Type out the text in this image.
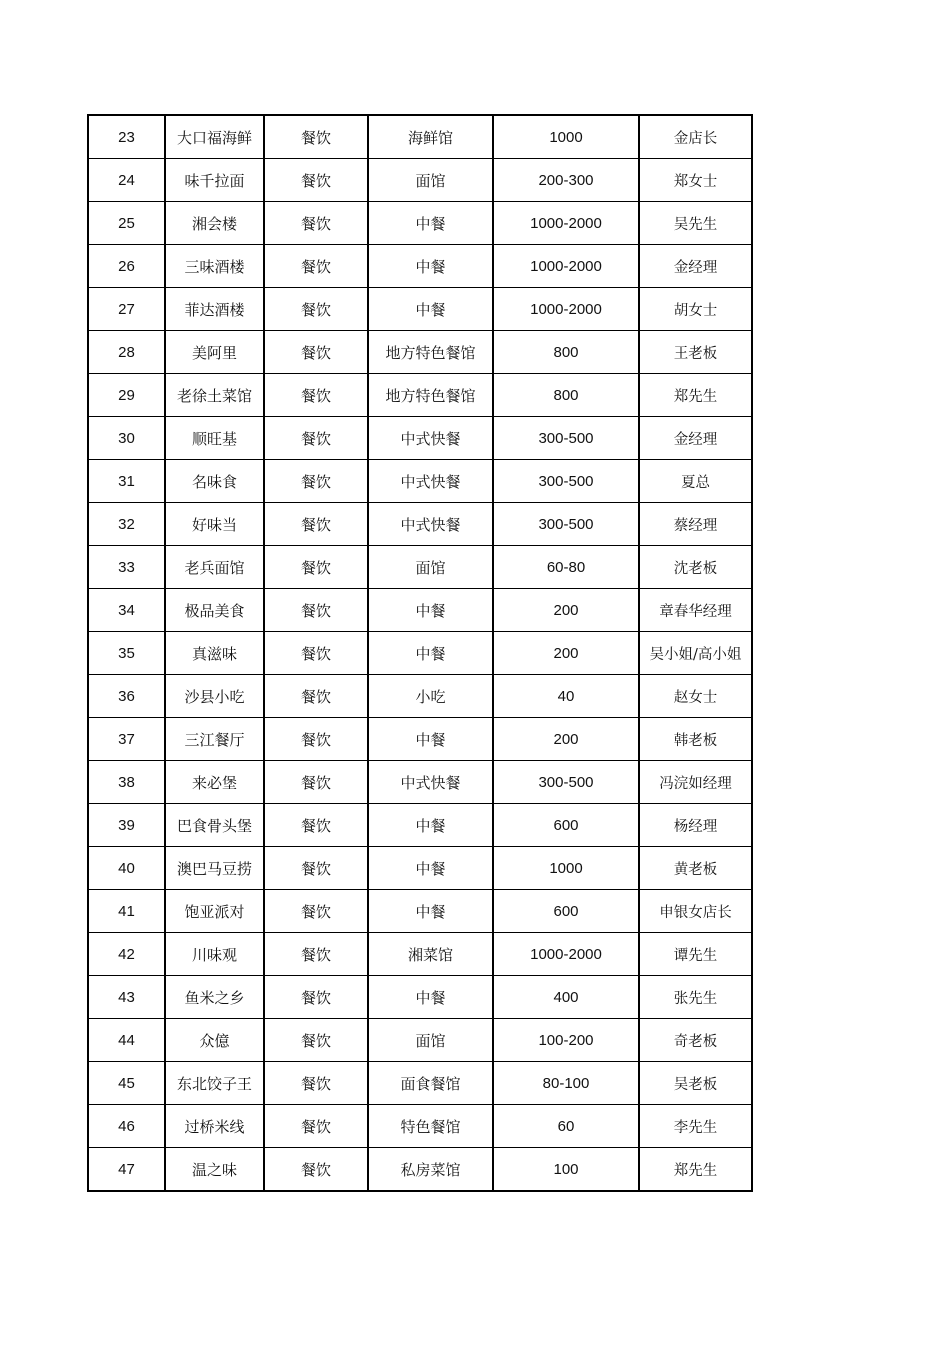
23	大口福海鲜	餐饮	海鲜馆	1000	金店长
24	味千拉面	餐饮	面馆	200-300	郑女士
25	湘会楼	餐饮	中餐	1000-2000	吴先生
26	三味酒楼	餐饮	中餐	1000-2000	金经理
27	菲达酒楼	餐饮	中餐	1000-2000	胡女士
28	美阿里	餐饮	地方特色餐馆	800	王老板
29	老徐土菜馆	餐饮	地方特色餐馆	800	郑先生
30	顺旺基	餐饮	中式快餐	300-500	金经理
31	名味食	餐饮	中式快餐	300-500	夏总
32	好味当	餐饮	中式快餐	300-500	蔡经理
33	老兵面馆	餐饮	面馆	60-80	沈老板
34	极品美食	餐饮	中餐	200	章春华经理
35	真滋味	餐饮	中餐	200	吴小姐/高小姐
36	沙县小吃	餐饮	小吃	40	赵女士
37	三江餐厅	餐饮	中餐	200	韩老板
38	来必堡	餐饮	中式快餐	300-500	冯浣如经理
39	巴食骨头堡	餐饮	中餐	600	杨经理
40	澳巴马豆捞	餐饮	中餐	1000	黄老板
41	饱亚派对	餐饮	中餐	600	申银女店长
42	川味观	餐饮	湘菜馆	1000-2000	谭先生
43	鱼米之乡	餐饮	中餐	400	张先生
44	众億	餐饮	面馆	100-200	奇老板
45	东北饺子王	餐饮	面食餐馆	80-100	吴老板
46	过桥米线	餐饮	特色餐馆	60	李先生
47	温之味	餐饮	私房菜馆	100	郑先生
